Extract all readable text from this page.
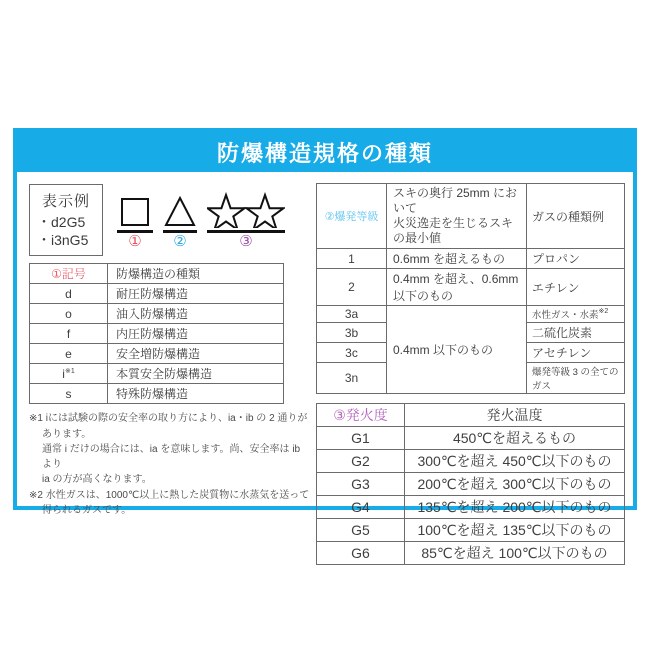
防爆構造規格の種類
表示例
・d2G5
・i3nG5	①	②	③
①記号	防爆構造の種類
d	耐圧防爆構造
o	油入防爆構造
f	内圧防爆構造
e	安全増防爆構造
$i^{※1}$	本質安全防爆構造
s	特殊防爆構造

※1 iには試験の際の安全率の取り方により、ia・ib の 2 通りが

あります。

通常 i だけの場合には、ia を意味します。尚、安全率は ib より

ia の方が高くなります。

※2 水性ガスは、1000℃以上に熱した炭質物に水蒸気を送って

得られるガスです。

②爆発等級	スキの奥行 25mm において
火災逸走を生じるスキの最小値	ガスの種類例
1	0.6mm を超えるもの	プロパン
2	0.4mm を超え、0.6mm 以下のもの	エチレン
3a	0.4mm 以下のもの	水性ガス・水素$^{※2}$
3b		二硫化炭素
3c		アセチレン
3n		爆発等級 3 の全てのガス
③発火度	発火温度
G1	450℃を超えるもの
G2	300℃を超え 450℃以下のもの
G3	200℃を超え 300℃以下のもの
G4	135℃を超え 200℃以下のもの
G5	100℃を超え 135℃以下のもの
G6	85℃を超え 100℃以下のもの
